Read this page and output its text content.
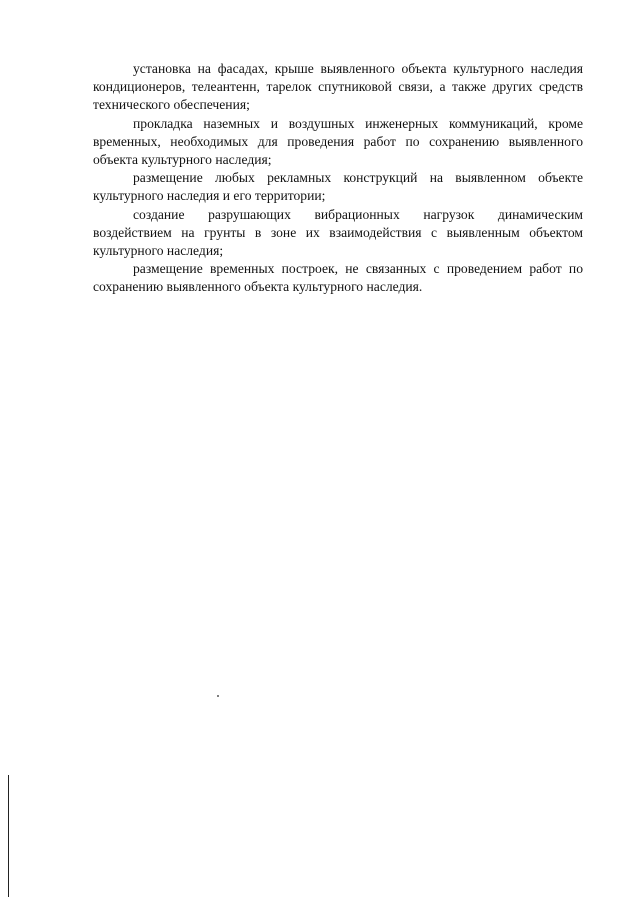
установка на фасадах, крыше выявленного объекта культурного наследия кондиционеров, телеантенн, тарелок спутниковой связи, а также других средств технического обеспечения;

прокладка наземных и воздушных инженерных коммуникаций, кроме временных, необходимых для проведения работ по сохранению выявленного объекта культурного наследия;

размещение любых рекламных конструкций на выявленном объекте культурного наследия и его территории;

создание разрушающих вибрационных нагрузок динамическим воздействием на грунты в зоне их взаимодействия с выявленным объектом культурного наследия;

размещение временных построек, не связанных с проведением работ по сохранению выявленного объекта культурного наследия.
